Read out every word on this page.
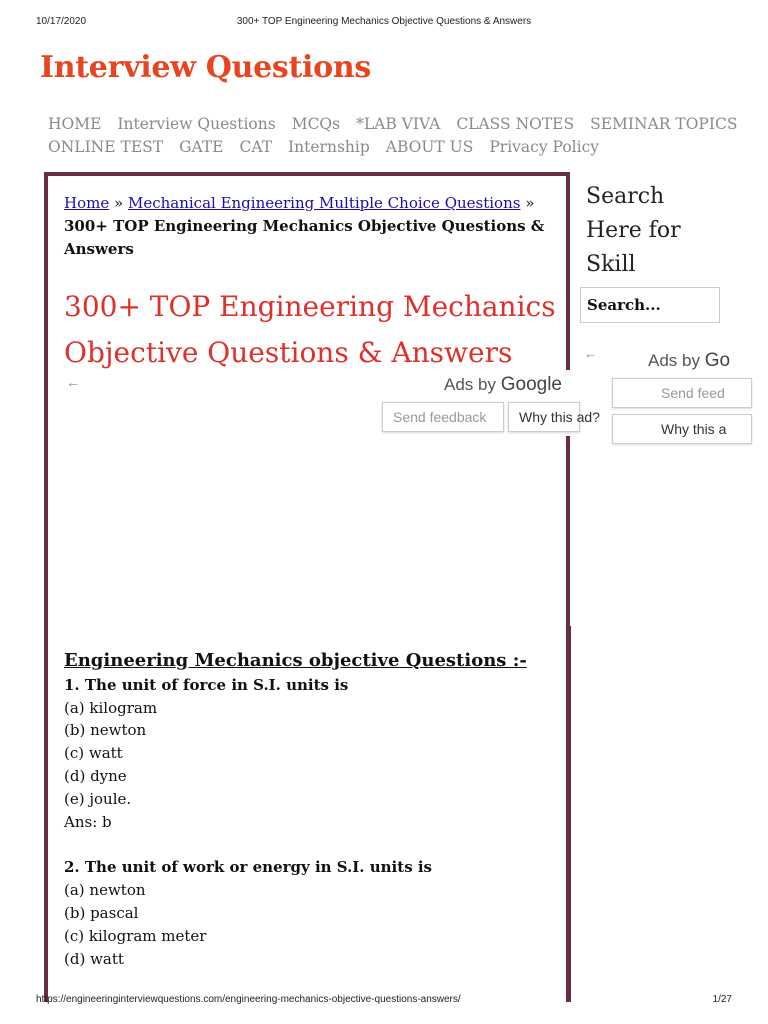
10/17/2020	300+ TOP Engineering Mechanics Objective Questions & Answers
Interview Questions
HOME Interview Questions MCQs *LAB VIVA CLASS NOTES SEMINAR TOPICS
ONLINE TEST GATE CAT Internship ABOUT US Privacy Policy
Home » Mechanical Engineering Multiple Choice Questions » 300+ TOP Engineering Mechanics Objective Questions & Answers
300+ TOP Engineering Mechanics Objective Questions & Answers
←	Ads by Google
Send feedback	Why this ad?
Engineering Mechanics objective Questions :-
1. The unit of force in S.I. units is
(a) kilogram
(b) newton
(c) watt
(d) dyne
(e) joule.
Ans: b
2. The unit of work or energy in S.I. units is
(a) newton
(b) pascal
(c) kilogram meter
(d) watt
Search
Here for
Skill
Search...
←	Ads by Go
Send feed
Why this a
https://engineeringinterviewquestions.com/engineering-mechanics-objective-questions-answers/	1/27
